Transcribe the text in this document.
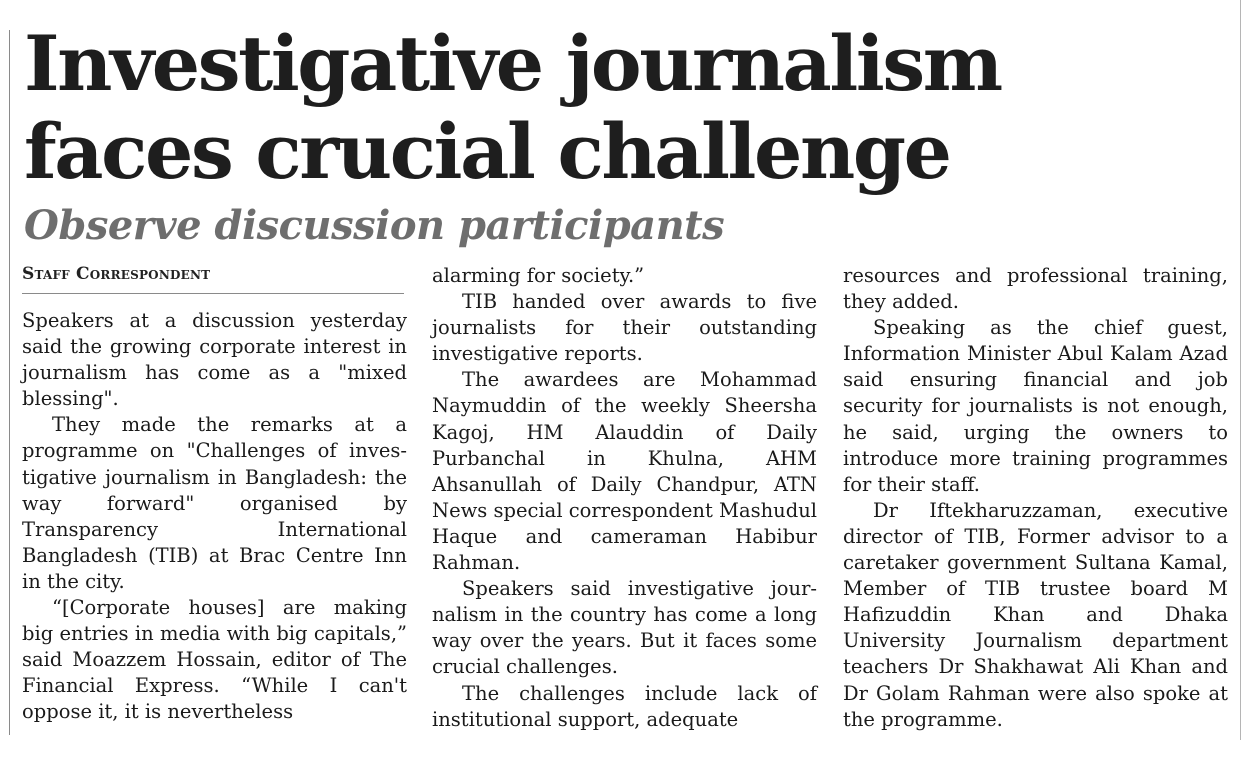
Investigative journalism faces crucial challenge
Observe discussion participants
Staff Correspondent

Speakers at a discussion yesterday said the growing corporate interest in journalism has come as a "mixed blessing".

They made the remarks at a programme on "Challenges of investigative journalism in Bangladesh: the way forward" organised by Transparency International Bangladesh (TIB) at Brac Centre Inn in the city.

“[Corporate houses] are making big entries in media with big capitals,” said Moazzem Hossain, editor of The Financial Express. “While I can't oppose it, it is nevertheless

alarming for society.”

TIB handed over awards to five journalists for their outstanding investigative reports.

The awardees are Mohammad Naymuddin of the weekly Sheersha Kagoj, HM Alauddin of Daily Purbanchal in Khulna, AHM Ahsanullah of Daily Chandpur, ATN News special correspondent Mashudul Haque and cameraman Habibur Rahman.

Speakers said investigative journalism in the country has come a long way over the years. But it faces some crucial challenges.

The challenges include lack of institutional support, adequate

resources and professional training, they added.

Speaking as the chief guest, Information Minister Abul Kalam Azad said ensuring financial and job security for journalists is not enough, he said, urging the owners to introduce more training programmes for their staff.

Dr Iftekharuzzaman, executive director of TIB, Former advisor to a caretaker government Sultana Kamal, Member of TIB trustee board M Hafizuddin Khan and Dhaka University Journalism department teachers Dr Shakhawat Ali Khan and Dr Golam Rahman were also spoke at the programme.
